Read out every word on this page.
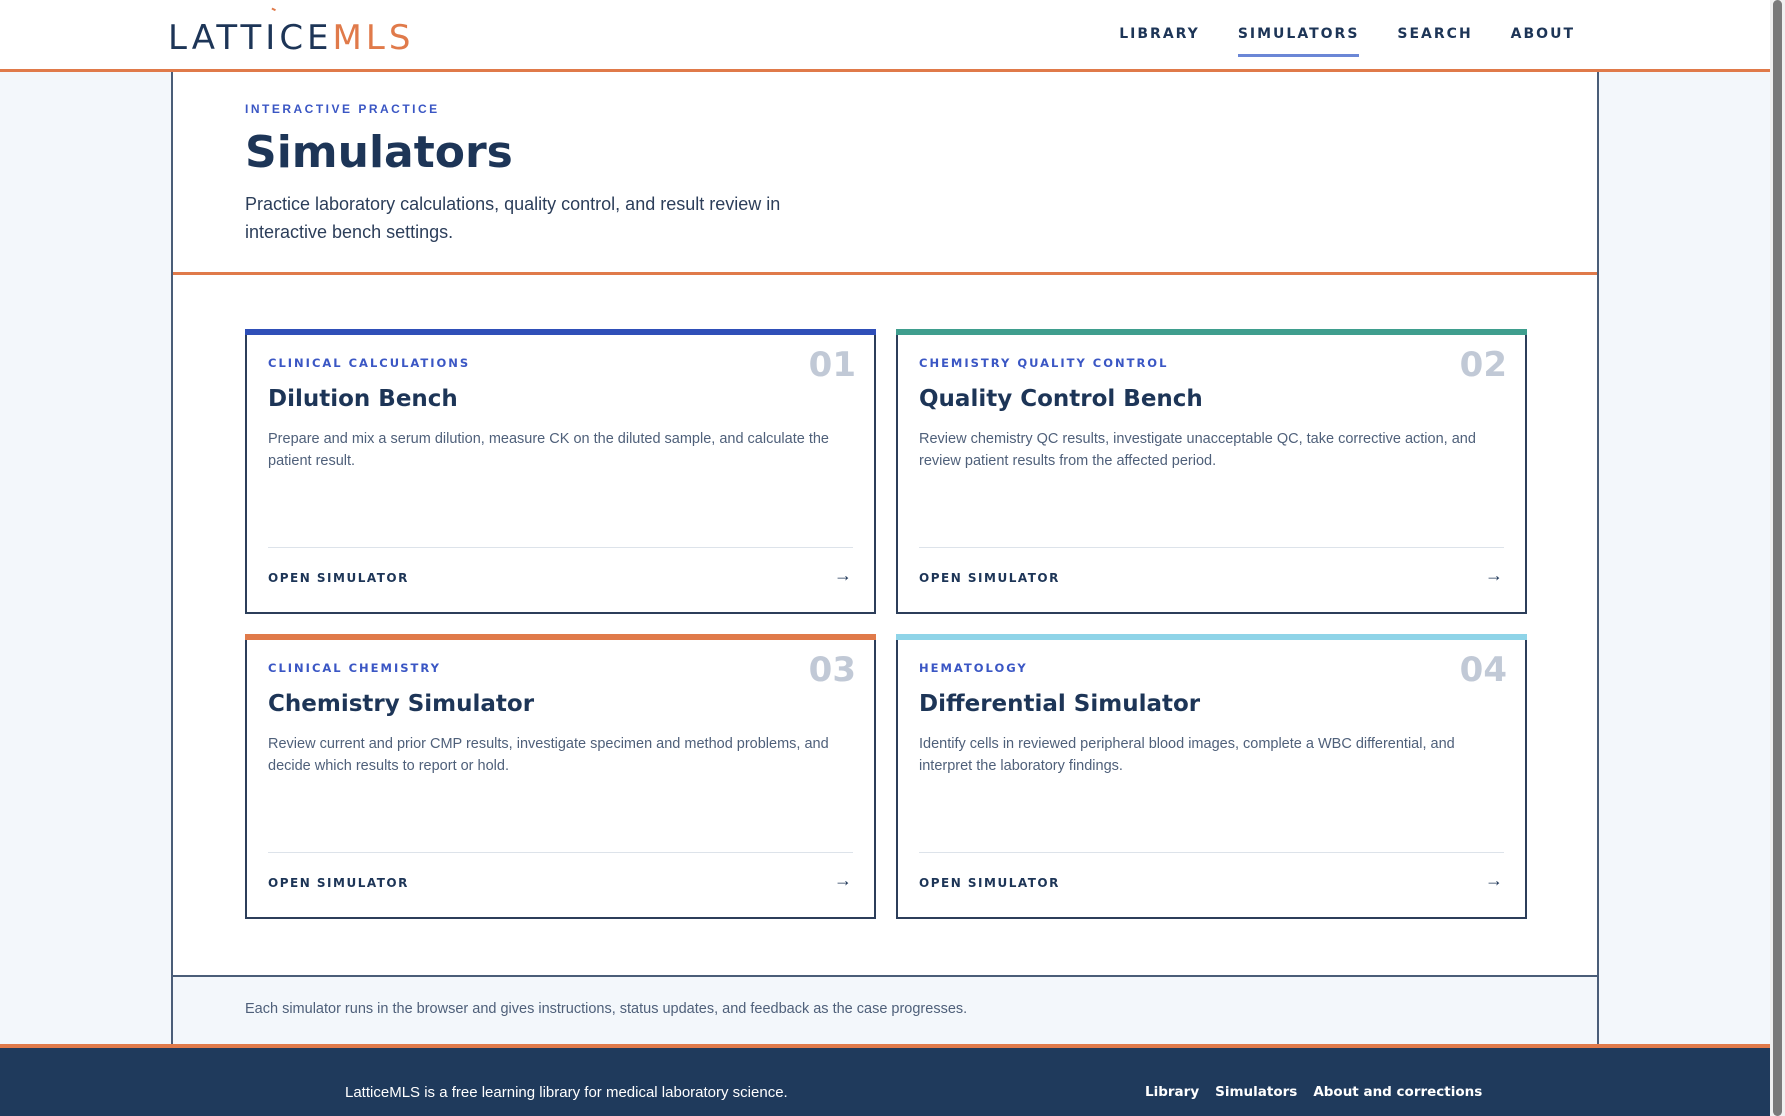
LATT I CE MLS	LIBRARY	SIMULATORS	SEARCH	ABOUT
INTERACTIVE PRACTICE
Simulators

Practice laboratory calculations, quality control, and result review in interactive bench settings.

CLINICAL CALCULATIONS	01
Dilution Bench
Prepare and mix a serum dilution, measure CK on the diluted sample, and calculate the patient result.
OPEN SIMULATOR	→
CHEMISTRY QUALITY CONTROL	02
Quality Control Bench
Review chemistry QC results, investigate unacceptable QC, take corrective action, and review patient results from the affected period.
OPEN SIMULATOR	→
CLINICAL CHEMISTRY	03
Chemistry Simulator
Review current and prior CMP results, investigate specimen and method problems, and decide which results to report or hold.
OPEN SIMULATOR	→
HEMATOLOGY	04
Differential Simulator
Identify cells in reviewed peripheral blood images, complete a WBC differential, and interpret the laboratory findings.
OPEN SIMULATOR	→

Each simulator runs in the browser and gives instructions, status updates, and feedback as the case progresses.

LatticeMLS is a free learning library for medical laboratory science.	Library Simulators About and corrections
